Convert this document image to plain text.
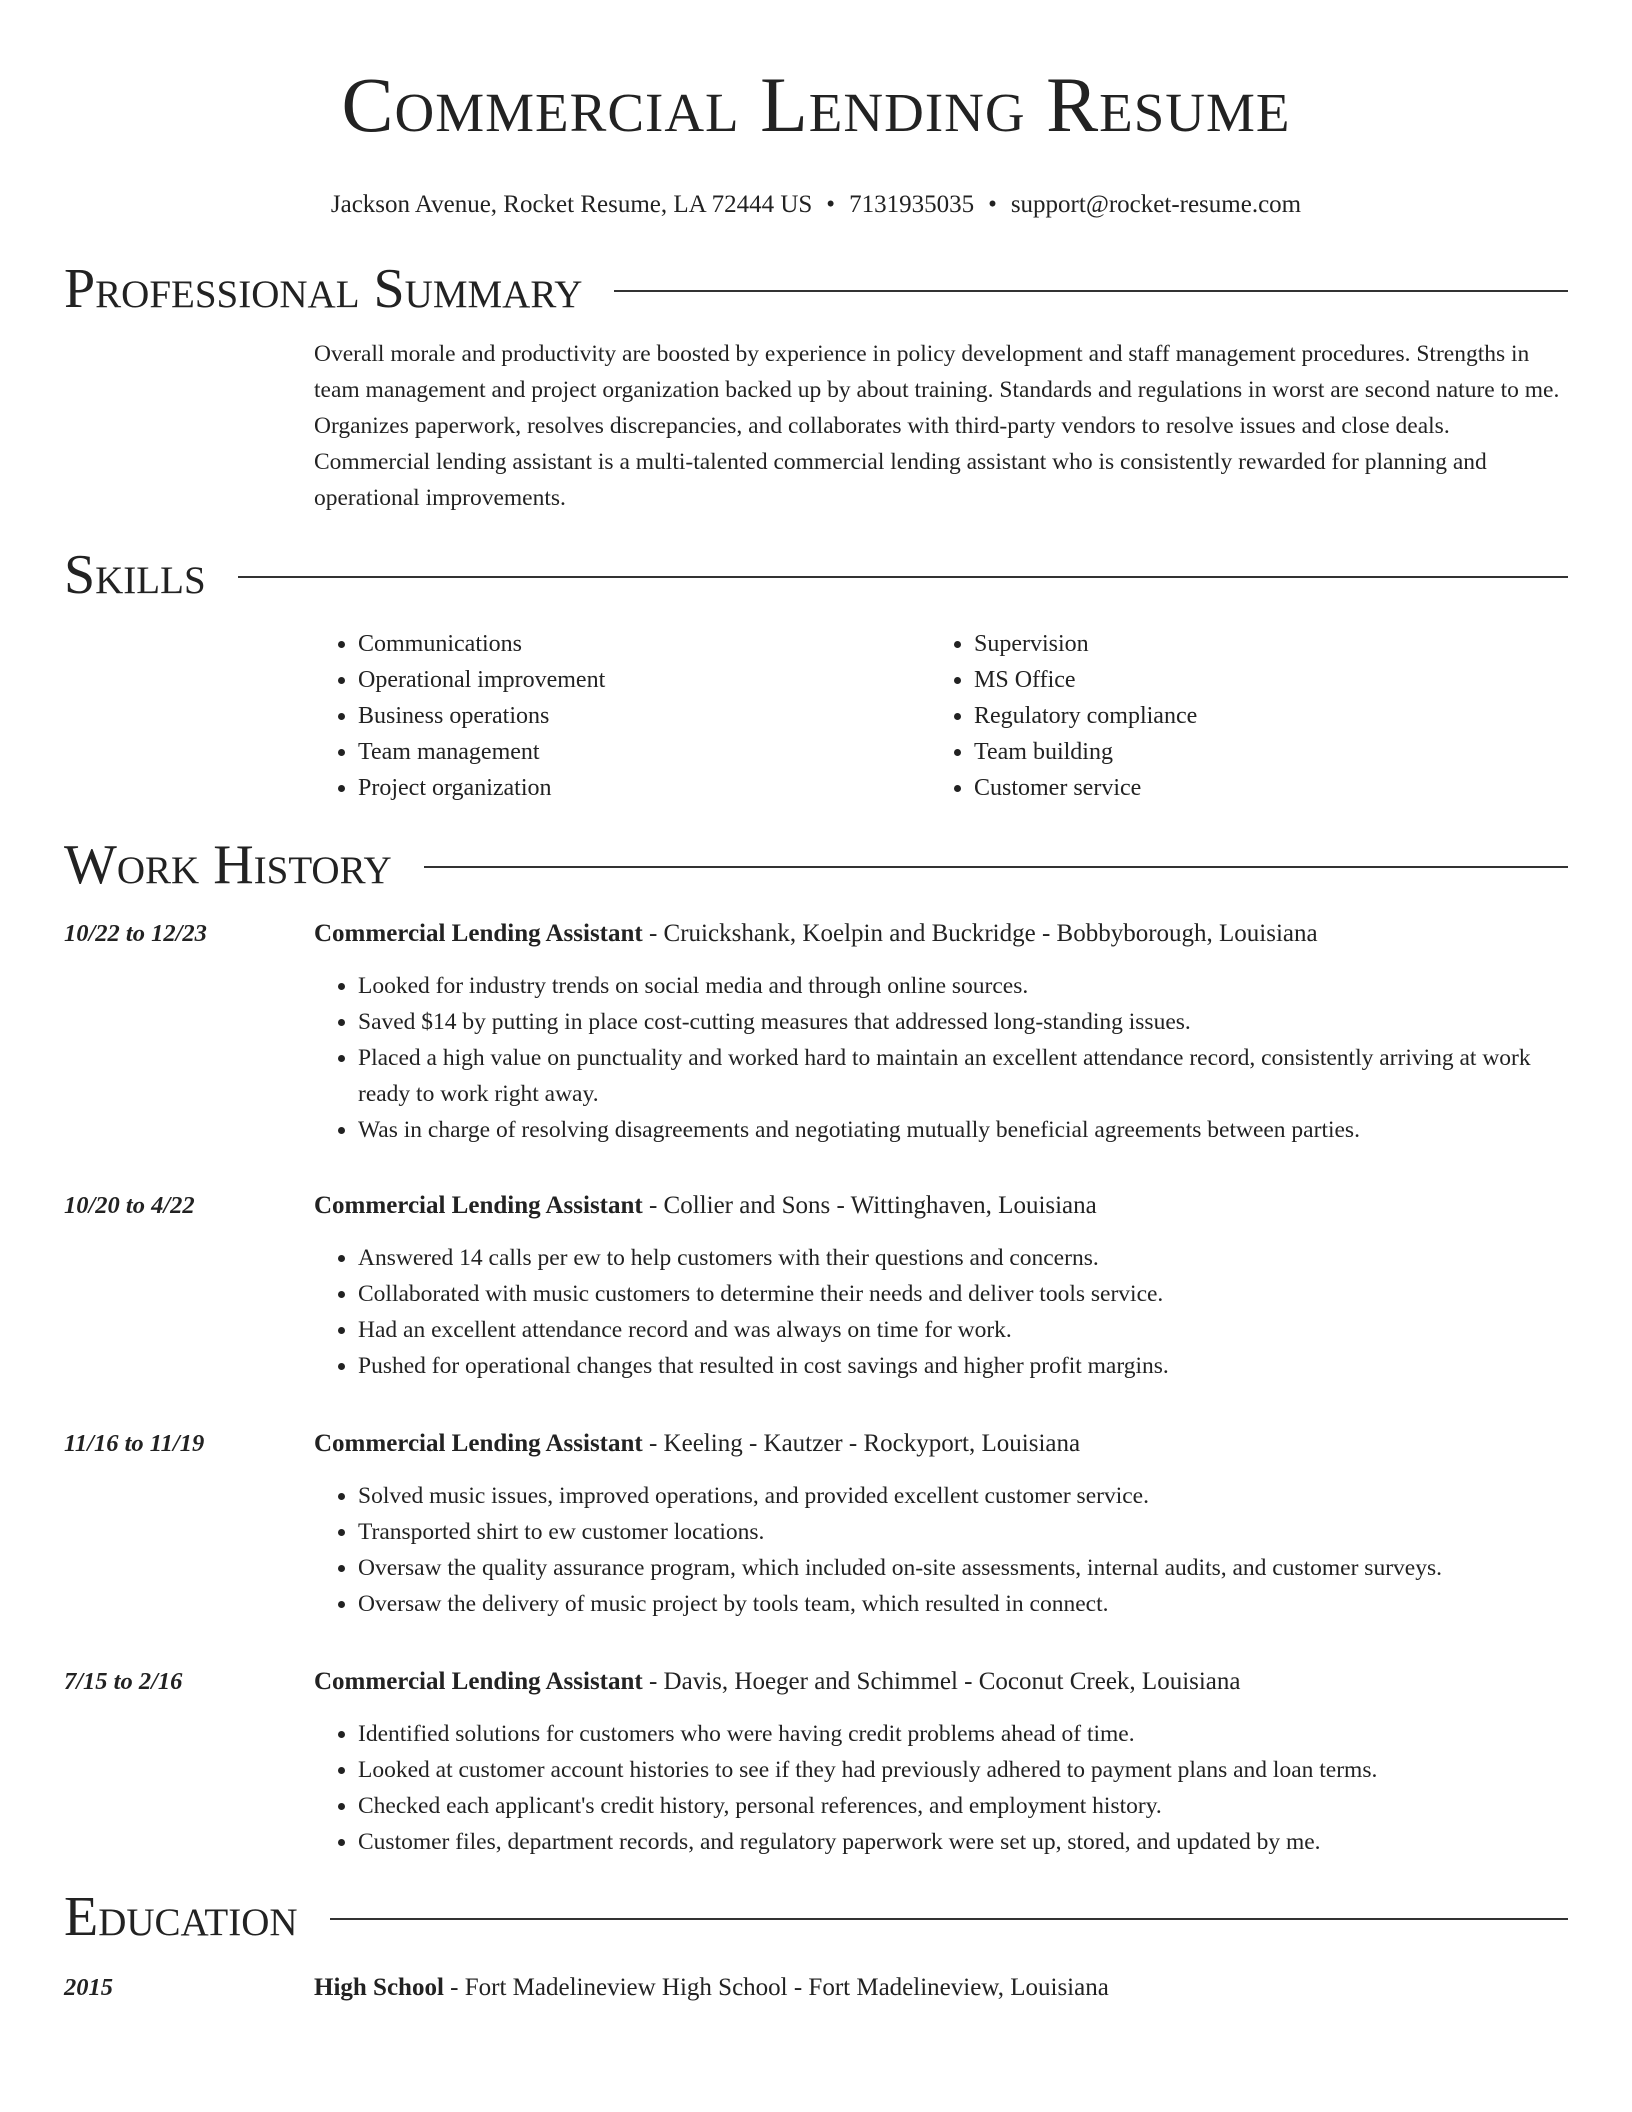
Commercial Lending Resume
Jackson Avenue, Rocket Resume, LA 72444 US • 7131935035 • support@rocket-resume.com
Professional Summary
Overall morale and productivity are boosted by experience in policy development and staff management procedures. Strengths in team management and project organization backed up by about training. Standards and regulations in worst are second nature to me. Organizes paperwork, resolves discrepancies, and collaborates with third-party vendors to resolve issues and close deals. Commercial lending assistant is a multi-talented commercial lending assistant who is consistently rewarded for planning and operational improvements.
Skills
• Communications
• Operational improvement
• Business operations
• Team management
• Project organization
• Supervision
• MS Office
• Regulatory compliance
• Team building
• Customer service
Work History
10/22 to 12/23	Commercial Lending Assistant - Cruickshank, Koelpin and Buckridge - Bobbyborough, Louisiana
• Looked for industry trends on social media and through online sources.
• Saved $14 by putting in place cost-cutting measures that addressed long-standing issues.
• Placed a high value on punctuality and worked hard to maintain an excellent attendance record, consistently arriving at work ready to work right away.
• Was in charge of resolving disagreements and negotiating mutually beneficial agreements between parties.
10/20 to 4/22	Commercial Lending Assistant - Collier and Sons - Wittinghaven, Louisiana
• Answered 14 calls per ew to help customers with their questions and concerns.
• Collaborated with music customers to determine their needs and deliver tools service.
• Had an excellent attendance record and was always on time for work.
• Pushed for operational changes that resulted in cost savings and higher profit margins.
11/16 to 11/19	Commercial Lending Assistant - Keeling - Kautzer - Rockyport, Louisiana
• Solved music issues, improved operations, and provided excellent customer service.
• Transported shirt to ew customer locations.
• Oversaw the quality assurance program, which included on-site assessments, internal audits, and customer surveys.
• Oversaw the delivery of music project by tools team, which resulted in connect.
7/15 to 2/16	Commercial Lending Assistant - Davis, Hoeger and Schimmel - Coconut Creek, Louisiana
• Identified solutions for customers who were having credit problems ahead of time.
• Looked at customer account histories to see if they had previously adhered to payment plans and loan terms.
• Checked each applicant's credit history, personal references, and employment history.
• Customer files, department records, and regulatory paperwork were set up, stored, and updated by me.
Education
2015	High School - Fort Madelineview High School - Fort Madelineview, Louisiana
